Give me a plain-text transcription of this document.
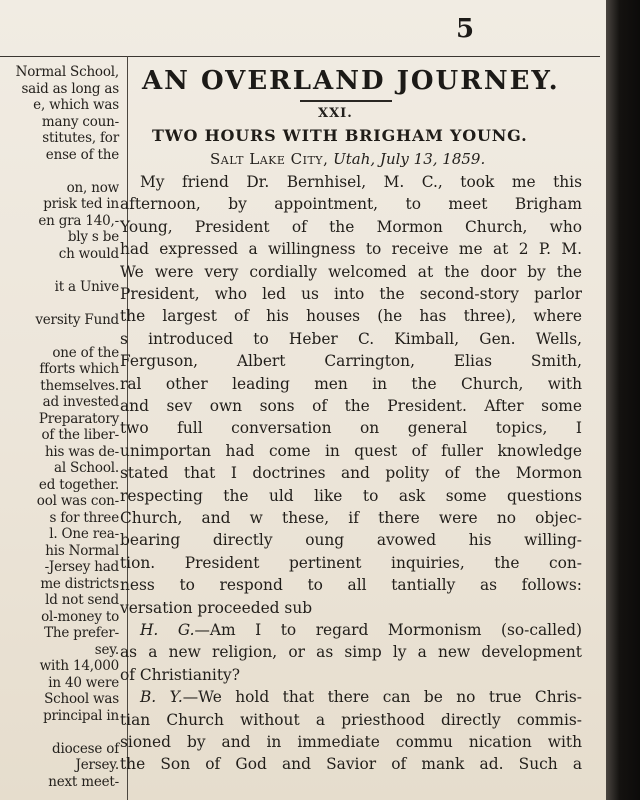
5
Normal School,
said as long as
e, which was
many coun-
stitutes, for
ense of the
on, now
prisk ted in
en gra 140,-
bly s be
ch would
it a Unive
versity Fund
one of the
fforts which
themselves.
ad invested
Preparatory
of the liber-
his was de-
al School.
ed together.
ool was con-
s for three
l. One rea-
his Normal
-Jersey had
me districts
ld not send
ol-money to
The prefer-
sey.
with 14,000
in 40 were
School was
principal in
diocese of
Jersey.
next meet-
AN OVERLAND JOURNEY.
XXI.
TWO HOURS WITH BRIGHAM YOUNG.
Salt Lake City, Utah, July 13, 1859.
My friend Dr. Bernhisel, M. C., took me this
afternoon, by appointment, to meet Brigham
Young, President of the Mormon Church, who
had expressed a willingness to receive me at 2 P. M.
We were very cordially welcomed at the door by the
President, who led us into the second-story parlor
the largest of his houses (he has three), where
s introduced to Heber C. Kimball, Gen. Wells,
Ferguson, Albert Carrington, Elias Smith,
ral other leading men in the Church, with
and sev own sons of the President. After some
two full conversation on general topics, I
unimportan had come in quest of fuller knowledge
stated that I doctrines and polity of the Mormon
respecting the uld like to ask some questions
Church, and w these, if there were no objec-
bearing directly oung avowed his willing-
tion. President pertinent inquiries, the con-
ness to respond to all tantially as follows:
versation proceeded sub
H. G.—Am I to regard Mormonism (so-called)
as a new religion, or as simp ly a new development
of Christianity?
B. Y.—We hold that there can be no true Chris-
tian Church without a priesthood directly commis-
sioned by and in immediate commu nication with
the Son of God and Savior of mank ad. Such a
